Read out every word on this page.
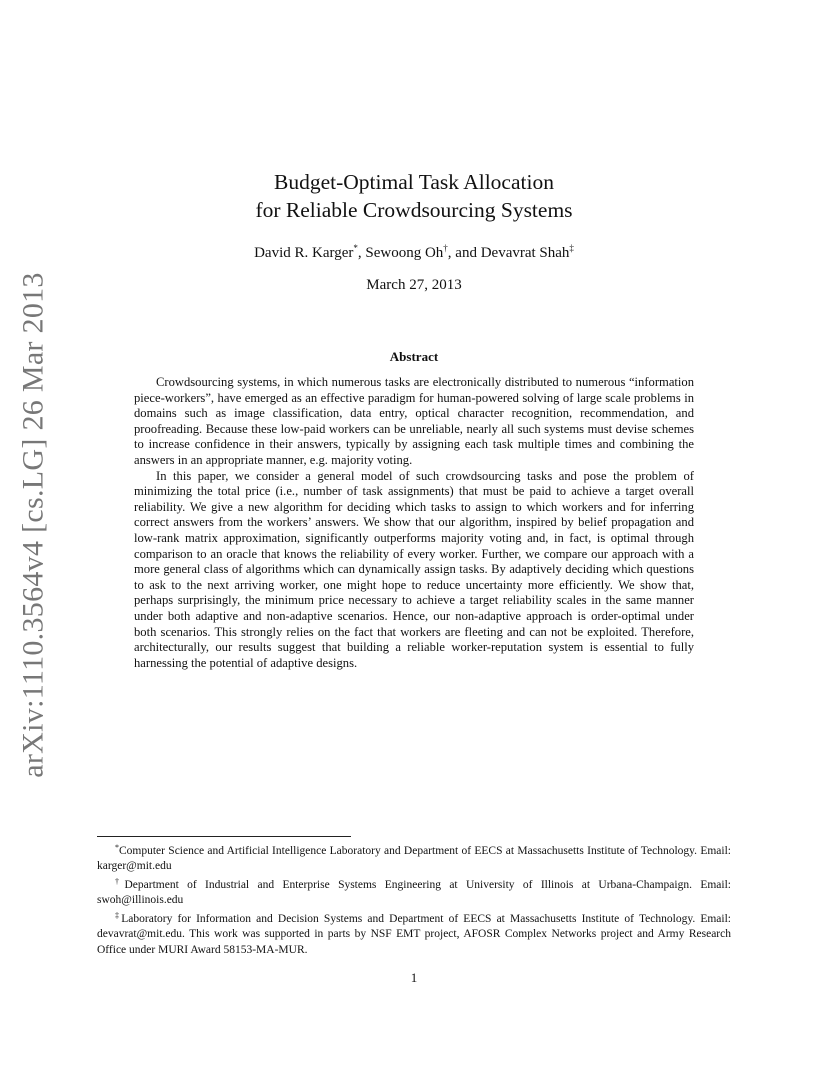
arXiv:1110.3564v4 [cs.LG] 26 Mar 2013
Budget-Optimal Task Allocation
for Reliable Crowdsourcing Systems
David R. Karger*, Sewoong Oh†, and Devavrat Shah‡
March 27, 2013
Abstract

Crowdsourcing systems, in which numerous tasks are electronically distributed to numerous “information piece-workers”, have emerged as an effective paradigm for human-powered solving of large scale problems in domains such as image classification, data entry, optical character recognition, recommendation, and proofreading. Because these low-paid workers can be unreliable, nearly all such systems must devise schemes to increase confidence in their answers, typically by assigning each task multiple times and combining the answers in an appropriate manner, e.g. majority voting.

In this paper, we consider a general model of such crowdsourcing tasks and pose the problem of minimizing the total price (i.e., number of task assignments) that must be paid to achieve a target overall reliability. We give a new algorithm for deciding which tasks to assign to which workers and for inferring correct answers from the workers’ answers. We show that our algorithm, inspired by belief propagation and low-rank matrix approximation, significantly outperforms majority voting and, in fact, is optimal through comparison to an oracle that knows the reliability of every worker. Further, we compare our approach with a more general class of algorithms which can dynamically assign tasks. By adaptively deciding which questions to ask to the next arriving worker, one might hope to reduce uncertainty more efficiently. We show that, perhaps surprisingly, the minimum price necessary to achieve a target reliability scales in the same manner under both adaptive and non-adaptive scenarios. Hence, our non-adaptive approach is order-optimal under both scenarios. This strongly relies on the fact that workers are fleeting and can not be exploited. Therefore, architecturally, our results suggest that building a reliable worker-reputation system is essential to fully harnessing the potential of adaptive designs.

*Computer Science and Artificial Intelligence Laboratory and Department of EECS at Massachusetts Institute of Technology. Email: karger@mit.edu

†Department of Industrial and Enterprise Systems Engineering at University of Illinois at Urbana-Champaign. Email: swoh@illinois.edu

‡Laboratory for Information and Decision Systems and Department of EECS at Massachusetts Institute of Technology. Email: devavrat@mit.edu. This work was supported in parts by NSF EMT project, AFOSR Complex Networks project and Army Research Office under MURI Award 58153-MA-MUR.

1
